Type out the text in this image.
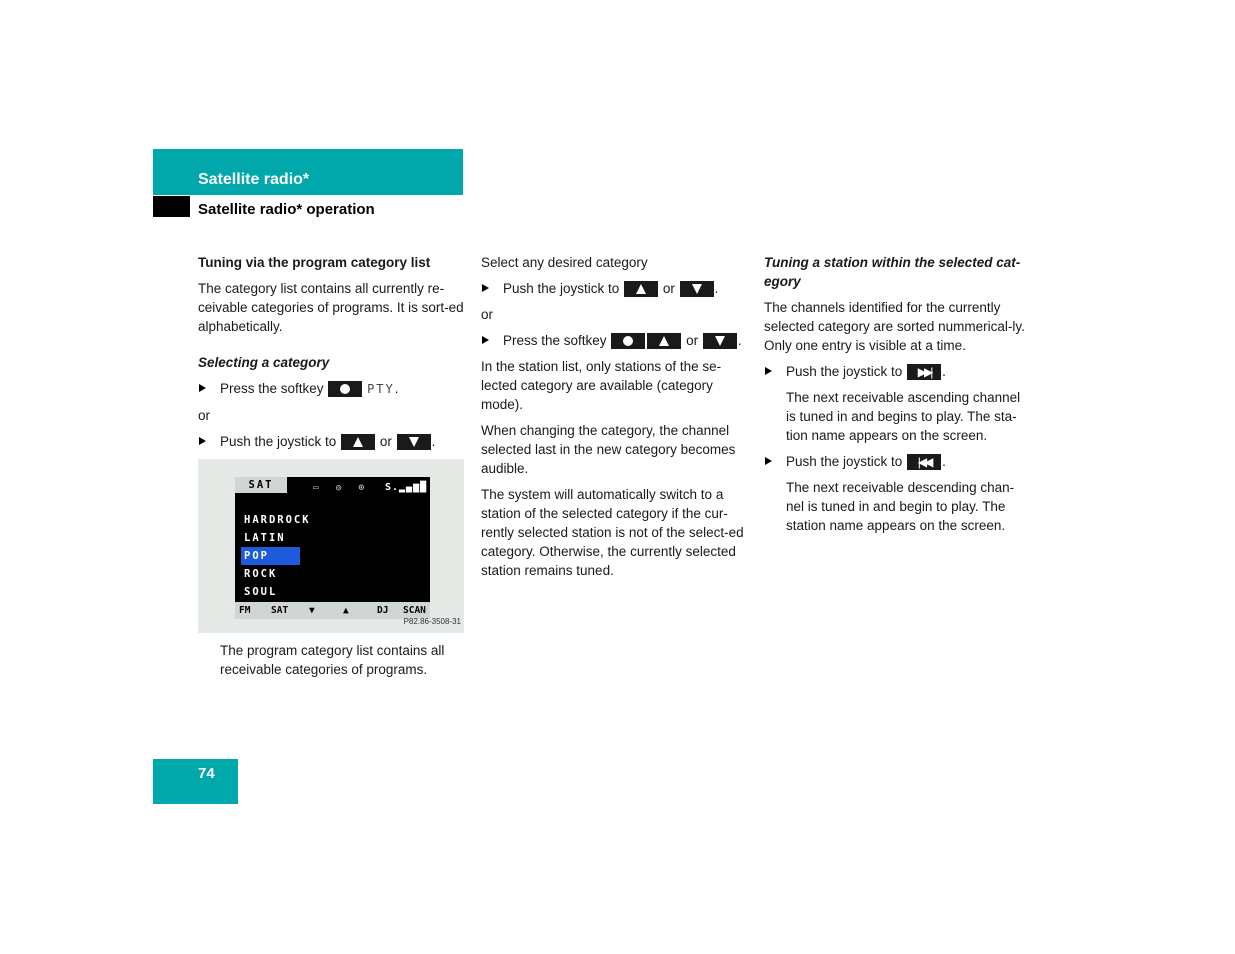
Satellite radio*
Satellite radio* operation
Tuning via the program category list

The category list contains all currently re-ceivable categories of programs. It is sort-ed alphabetically.

Selecting a category
Press the softkey	PTY.

or

Push the joystick to	or	.
SAT	▭ ◎ ⊙ S.▂▄▆█
HARDROCK
LATIN
POP
ROCK
SOUL
FM SAT ▼	▲	DJ SCAN
P82.86-3508-31

The program category list contains all receivable categories of programs.

Select any desired category

Push the joystick to	or	.

or

Press the softkey	or	.

In the station list, only stations of the se-lected category are available (category mode).

When changing the category, the channel selected last in the new category becomes audible.

The system will automatically switch to a station of the selected category if the cur-rently selected station is not of the select-ed category. Otherwise, the currently selected station remains tuned.

Tuning a station within the selected cat-egory

The channels identified for the currently selected category are sorted nummerical-ly. Only one entry is visible at a time.

Push the joystick to ▶▶| .

The next receivable ascending channel is tuned in and begins to play. The sta-tion name appears on the screen.

Push the joystick to |◀◀ .

The next receivable descending chan-nel is tuned in and begin to play. The station name appears on the screen.

74
